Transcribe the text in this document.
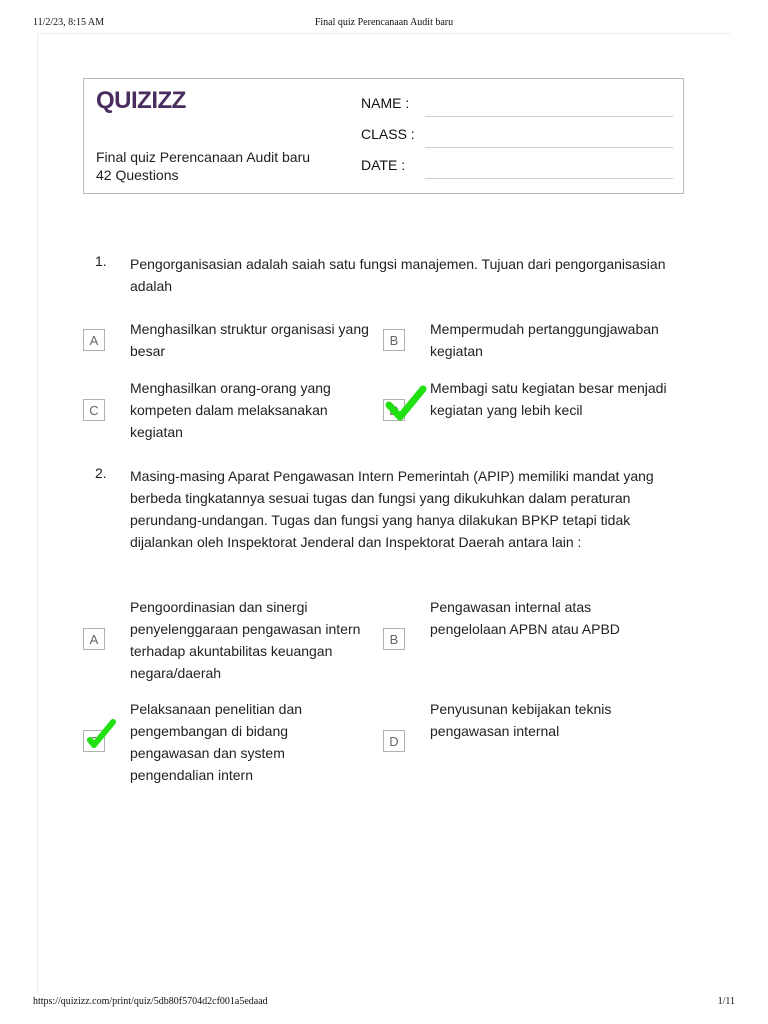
11/2/23, 8:15 AM	Final quiz Perencanaan Audit baru
QUIZIZZ
Final quiz Perencanaan Audit baru
42 Questions
NAME :
CLASS :
DATE :
1. Pengorganisasian adalah saiah satu fungsi manajemen. Tujuan dari pengorganisasian adalah
A
Menghasilkan struktur organisasi yang besar
B
Mempermudah pertanggungjawaban kegiatan
C
Menghasilkan orang-orang yang kompeten dalam melaksanakan kegiatan
D
Membagi satu kegiatan besar menjadi kegiatan yang lebih kecil
2. Masing-masing Aparat Pengawasan Intern Pemerintah (APIP) memiliki mandat yang berbeda tingkatannya sesuai tugas dan fungsi yang dikukuhkan dalam peraturan perundang-undangan. Tugas dan fungsi yang hanya dilakukan BPKP tetapi tidak dijalankan oleh Inspektorat Jenderal dan Inspektorat Daerah antara lain :
A
Pengoordinasian dan sinergi penyelenggaraan pengawasan intern terhadap akuntabilitas keuangan negara/daerah
B
Pengawasan internal atas pengelolaan APBN atau APBD
C
Pelaksanaan penelitian dan pengembangan di bidang pengawasan dan system pengendalian intern
D
Penyusunan kebijakan teknis pengawasan internal
https://quizizz.com/print/quiz/5db80f5704d2cf001a5edaad	1/11
